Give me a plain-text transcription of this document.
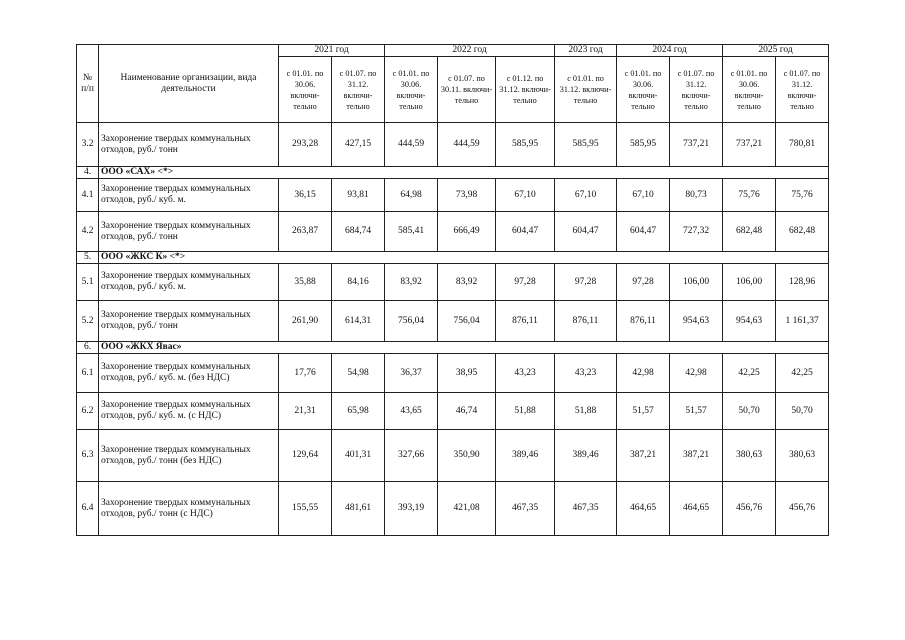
№ п/п	Наименование организации, вида деятельности	2021 год		2022 год			2023 год	2024 год		2025 год	
		с 01.01. по 30.06. включи-тельно	с 01.07. по 31.12. включи-тельно	с 01.01. по 30.06. включи-тельно	с 01.07. по 30.11. включи-тельно	с 01.12. по 31.12. включи-тельно	с 01.01. по 31.12. включи-тельно	с 01.01. по 30.06. включи-тельно	с 01.07. по 31.12. включи-тельно	с 01.01. по 30.06. включи-тельно	с 01.07. по 31.12. включи-тельно
3.2	Захоронение твердых коммунальных отходов, руб./ тонн	293,28	427,15	444,59	444,59	585,95	585,95	585,95	737,21	737,21	780,81
4.	ООО «САХ» <*>										
4.1	Захоронение твердых коммунальных отходов, руб./ куб. м.	36,15	93,81	64,98	73,98	67,10	67,10	67,10	80,73	75,76	75,76
4.2	Захоронение твердых коммунальных отходов, руб./ тонн	263,87	684,74	585,41	666,49	604,47	604,47	604,47	727,32	682,48	682,48
5.	ООО «ЖКС К» <*>										
5.1	Захоронение твердых коммунальных отходов, руб./ куб. м.	35,88	84,16	83,92	83,92	97,28	97,28	97,28	106,00	106,00	128,96
5.2	Захоронение твердых коммунальных отходов, руб./ тонн	261,90	614,31	756,04	756,04	876,11	876,11	876,11	954,63	954,63	1 161,37
6.	ООО «ЖКХ Явас»										
6.1	Захоронение твердых коммунальных отходов, руб./ куб. м. (без НДС)	17,76	54,98	36,37	38,95	43,23	43,23	42,98	42,98	42,25	42,25
6.2	Захоронение твердых коммунальных отходов, руб./ куб. м. (с НДС)	21,31	65,98	43,65	46,74	51,88	51,88	51,57	51,57	50,70	50,70
6.3	Захоронение твердых коммунальных отходов, руб./ тонн (без НДС)	129,64	401,31	327,66	350,90	389,46	389,46	387,21	387,21	380,63	380,63
6.4	Захоронение твердых коммунальных отходов, руб./ тонн (с НДС)	155,55	481,61	393,19	421,08	467,35	467,35	464,65	464,65	456,76	456,76
